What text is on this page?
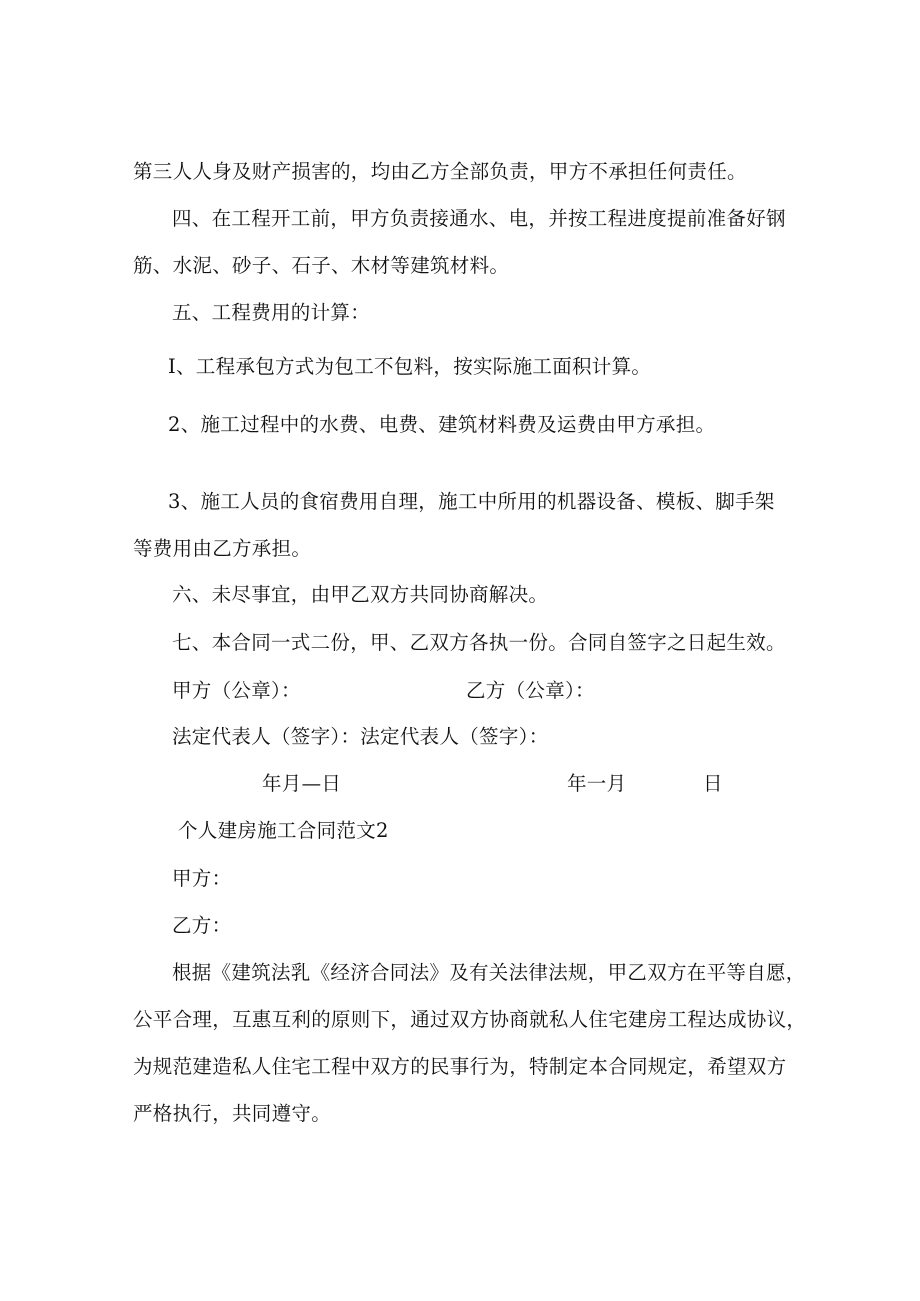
第三人人身及财产损害的，均由乙方全部负责，甲方不承担任何责任。

四、在工程开工前，甲方负责接通水、电，并按工程进度提前准备好钢

筋、水泥、砂子、石子、木材等建筑材料。

五、工程费用的计算：

I、工程承包方式为包工不包料，按实际施工面积计算。

2、施工过程中的水费、电费、建筑材料费及运费由甲方承担。

3、施工人员的食宿费用自理，施工中所用的机器设备、模板、脚手架

等费用由乙方承担。

六、未尽事宜，由甲乙双方共同协商解决。

七、本合同一式二份，甲、乙双方各执一份。合同自签字之日起生效。

甲方（公章）：	乙方（公章）：

法定代表人（签字）：法定代表人（签字）：

年月—日	年一月	日

个人建房施工合同范文2

甲方：

乙方：

根据《建筑法乳《经济合同法》及有关法律法规，甲乙双方在平等自愿，

公平合理，互惠互利的原则下，通过双方协商就私人住宅建房工程达成协议，

为规范建造私人住宅工程中双方的民事行为，特制定本合同规定，希望双方

严格执行，共同遵守。
